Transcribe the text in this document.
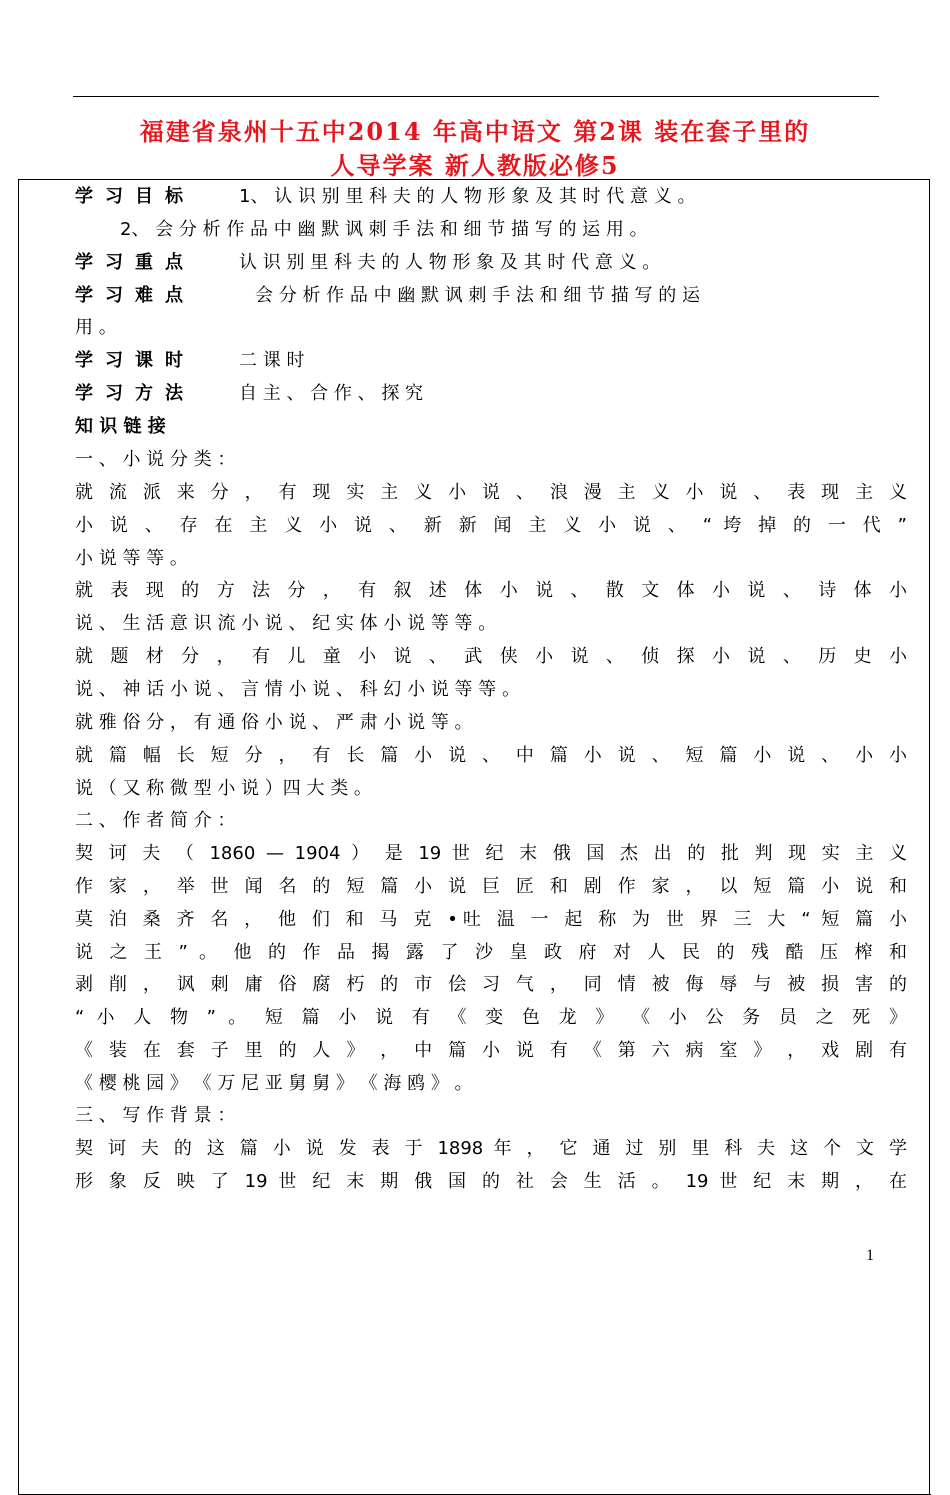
福建省泉州十五中2014 年高中语文 第2课 装在套子里的
人导学案 新人教版必修5
学习目标 1、 认 识 别 里 科 夫 的 人 物 形 象 及 其 时 代 意 义 。
2、 会 分 析 作 品 中 幽 默 讽 刺 手 法 和 细 节 描 写 的 运 用 。
学习重点 认 识 别 里 科 夫 的 人 物 形 象 及 其 时 代 意 义 。
学习难点	会 分 析 作 品 中 幽 默 讽 刺 手 法 和 细 节 描 写 的 运
用 。
学习课时 二 课 时
学习方法 自 主 、 合 作 、 探 究
知 识 链 接
一 、 小 说 分 类 ：
就 流 派 来 分 ， 有 现 实 主 义 小 说 、 浪 漫 主 义 小 说 、 表 现 主 义
小 说 、 存 在 主 义 小 说 、 新 新 闻 主 义 小 说 、 “ 垮 掉 的 一 代 ”
小 说 等 等 。
就 表 现 的 方 法 分 ， 有 叙 述 体 小 说 、 散 文 体 小 说 、 诗 体 小
说 、 生 活 意 识 流 小 说 、 纪 实 体 小 说 等 等 。
就 题 材 分 ， 有 儿 童 小 说 、 武 侠 小 说 、 侦 探 小 说 、 历 史 小
说 、 神 话 小 说 、 言 情 小 说 、 科 幻 小 说 等 等 。
就 雅 俗 分 ， 有 通 俗 小 说 、 严 肃 小 说 等 。
就 篇 幅 长 短 分 ， 有 长 篇 小 说 、 中 篇 小 说 、 短 篇 小 说 、 小 小
说 （ 又 称 微 型 小 说 ）四 大 类 。
二 、 作 者 简 介 ：
契 诃 夫 （ 1860 — 1904 ） 是 19 世 纪 末 俄 国 杰 出 的 批 判 现 实 主 义
作 家 ， 举 世 闻 名 的 短 篇 小 说 巨 匠 和 剧 作 家 ， 以 短 篇 小 说 和
莫 泊 桑 齐 名 ， 他 们 和 马 克 •吐 温 一 起 称 为 世 界 三 大 “ 短 篇 小
说 之 王 ” 。 他 的 作 品 揭 露 了 沙 皇 政 府 对 人 民 的 残 酷 压 榨 和
剥 削 ， 讽 刺 庸 俗 腐 朽 的 市 侩 习 气 ， 同 情 被 侮 辱 与 被 损 害 的
“ 小 人 物 ” 。 短 篇 小 说 有 《 变 色 龙 》 《 小 公 务 员 之 死 》
《 装 在 套 子 里 的 人 》 ， 中 篇 小 说 有 《 第 六 病 室 》 ， 戏 剧 有
《 樱 桃 园 》 《 万 尼 亚 舅 舅 》 《 海 鸥 》 。
三 、 写 作 背 景 ：
契 诃 夫 的 这 篇 小 说 发 表 于 1898 年 ， 它 通 过 别 里 科 夫 这 个 文 学
形 象 反 映 了 19 世 纪 末 期 俄 国 的 社 会 生 活 。 19 世 纪 末 期 ， 在
1
